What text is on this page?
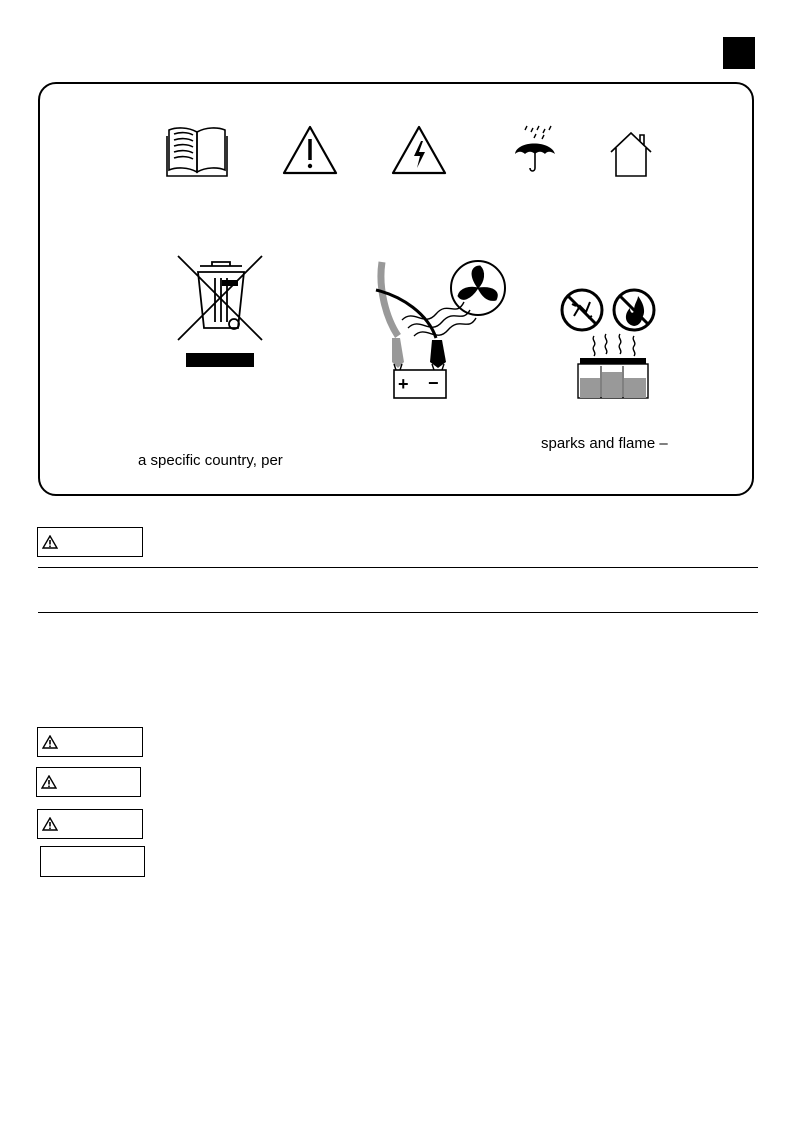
+ −
a specific country, per
sparks and flame –
